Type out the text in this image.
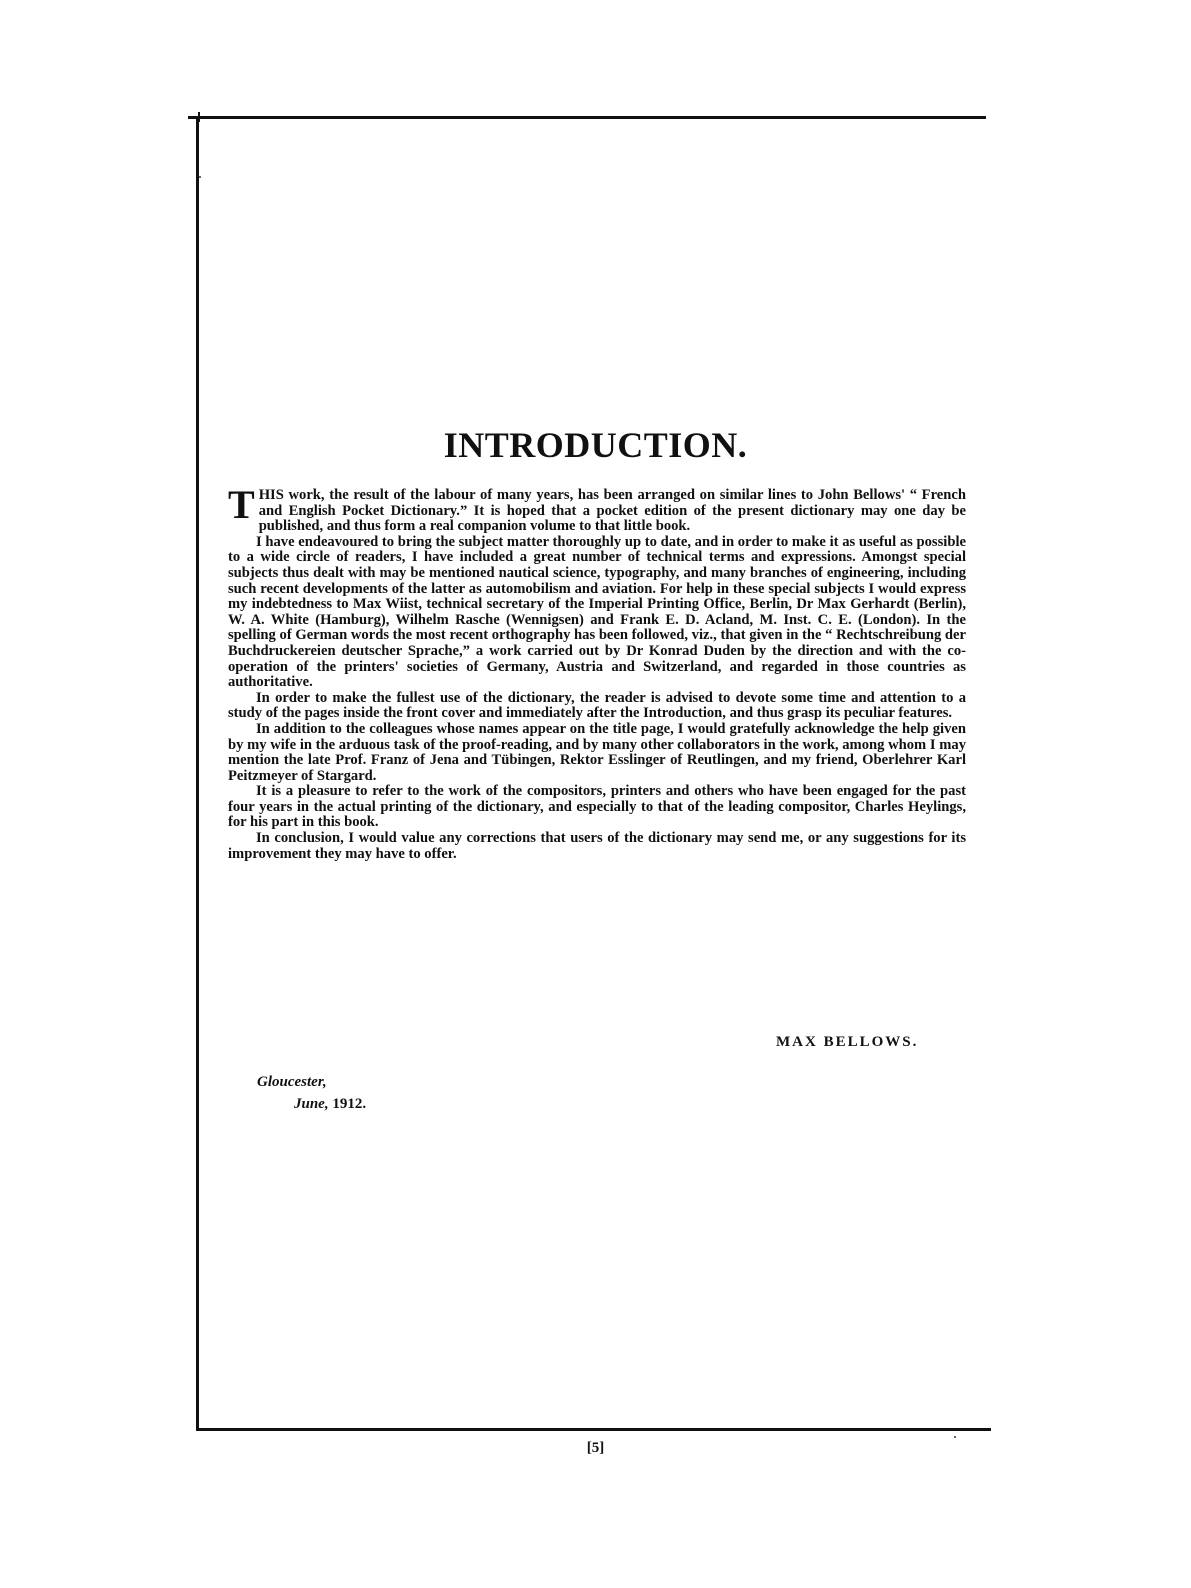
INTRODUCTION.

THIS work, the result of the labour of many years, has been arranged on similar lines to John Bellows' “ French and English Pocket Dictionary.” It is hoped that a pocket edition of the present dictionary may one day be published, and thus form a real companion volume to that little book.

I have endeavoured to bring the subject matter thoroughly up to date, and in order to make it as useful as possible to a wide circle of readers, I have included a great number of technical terms and expressions. Amongst special subjects thus dealt with may be mentioned nautical science, typography, and many branches of engineering, including such recent developments of the latter as automobilism and aviation. For help in these special subjects I would express my indebtedness to Max Wiist, technical secretary of the Imperial Printing Office, Berlin, Dr Max Gerhardt (Berlin), W. A. White (Hamburg), Wilhelm Rasche (Wennigsen) and Frank E. D. Acland, M. Inst. C. E. (London). In the spelling of German words the most recent orthography has been followed, viz., that given in the “ Rechtschreibung der Buchdruckereien deutscher Sprache,” a work carried out by Dr Konrad Duden by the direction and with the co-operation of the printers' societies of Germany, Austria and Switzerland, and regarded in those countries as authoritative.

In order to make the fullest use of the dictionary, the reader is advised to devote some time and attention to a study of the pages inside the front cover and immediately after the Introduction, and thus grasp its peculiar features.

In addition to the colleagues whose names appear on the title page, I would gratefully acknowledge the help given by my wife in the arduous task of the proof-reading, and by many other collaborators in the work, among whom I may mention the late Prof. Franz of Jena and Tübingen, Rektor Esslinger of Reutlingen, and my friend, Oberlehrer Karl Peitzmeyer of Stargard.

It is a pleasure to refer to the work of the compositors, printers and others who have been engaged for the past four years in the actual printing of the dictionary, and especially to that of the leading compositor, Charles Heylings, for his part in this book.

In conclusion, I would value any corrections that users of the dictionary may send me, or any suggestions for its improvement they may have to offer.

MAX BELLOWS.

Gloucester,

June, 1912.

[5]
